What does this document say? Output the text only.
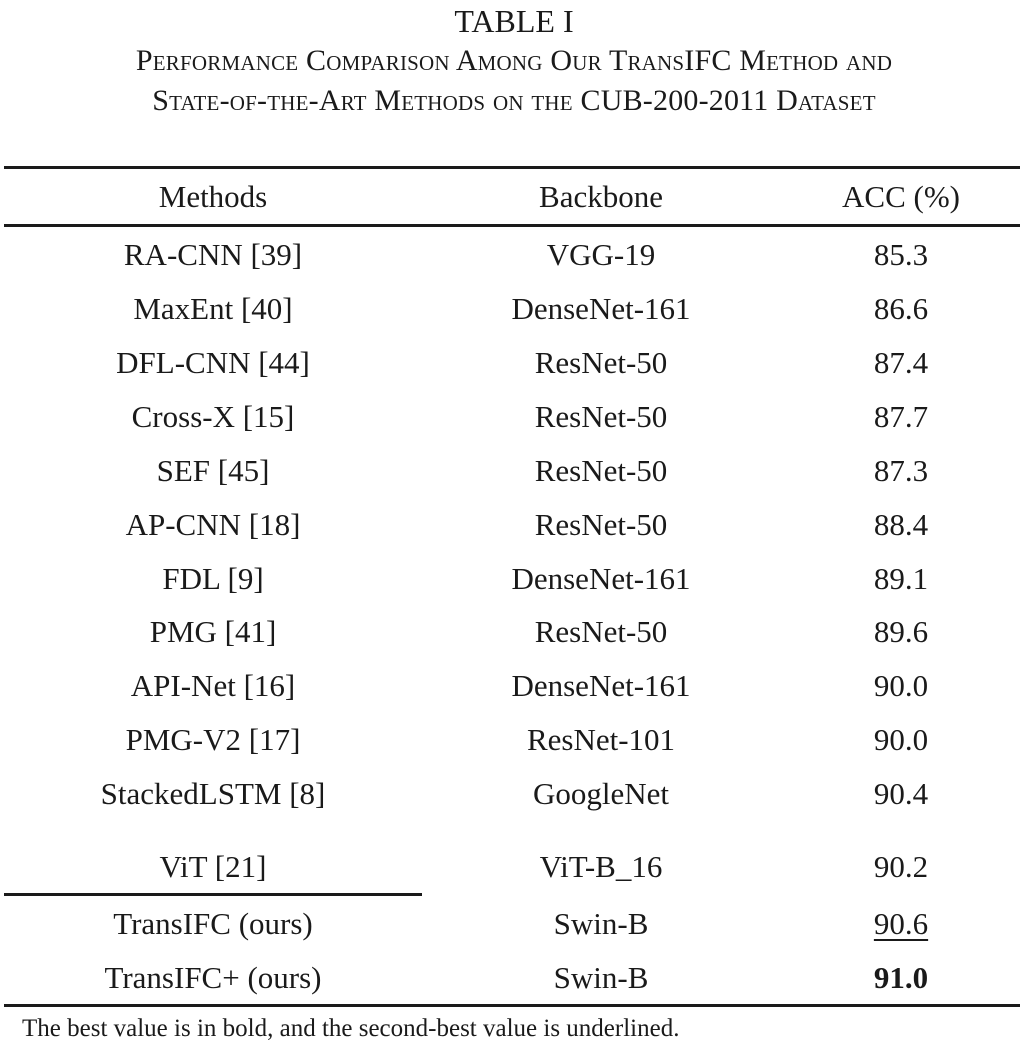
TABLE I
Performance Comparison Among Our TransIFC Method and
State-of-the-Art Methods on the CUB-200-2011 Dataset
Methods	Backbone	ACC (%)
RA-CNN [39]	VGG-19	85.3
MaxEnt [40]	DenseNet-161	86.6
DFL-CNN [44]	ResNet-50	87.4
Cross-X [15]	ResNet-50	87.7
SEF [45]	ResNet-50	87.3
AP-CNN [18]	ResNet-50	88.4
FDL [9]	DenseNet-161	89.1
PMG [41]	ResNet-50	89.6
API-Net [16]	DenseNet-161	90.0
PMG-V2 [17]	ResNet-101	90.0
StackedLSTM [8]	GoogleNet	90.4
ViT [21]	ViT-B_16	90.2
TransIFC (ours)	Swin-B	90.6
TransIFC+ (ours)	Swin-B	91.0
The best value is in bold, and the second-best value is underlined.
